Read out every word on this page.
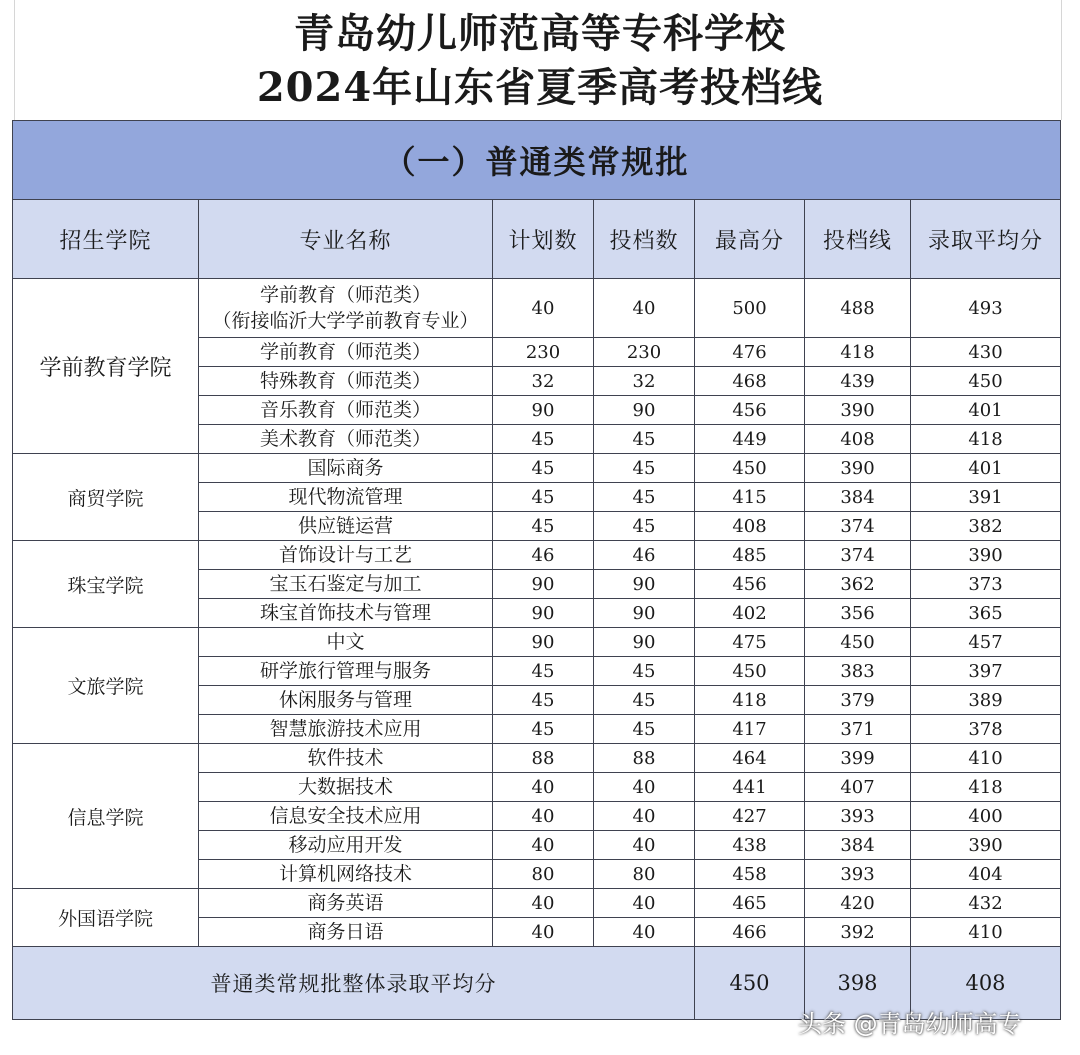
青岛幼儿师范高等专科学校
2024年山东省夏季高考投档线
（一）普通类常规批						
招生学院	专业名称	计划数	投档数	最高分	投档线	录取平均分
学前教育学院	学前教育（师范类）
（衔接临沂大学学前教育专业）	40	40	500	488	493

	学前教育（师范类）	230	230	476	418	430

	特殊教育（师范类）	32	32	468	439	450

	音乐教育（师范类）	90	90	456	390	401

	美术教育（师范类）	45	45	449	408	418
商贸学院	国际商务	45	45	450	390	401

	现代物流管理	45	45	415	384	391

	供应链运营	45	45	408	374	382
珠宝学院	首饰设计与工艺	46	46	485	374	390

	宝玉石鉴定与加工	90	90	456	362	373

	珠宝首饰技术与管理	90	90	402	356	365
文旅学院	中文	90	90	475	450	457

	研学旅行管理与服务	45	45	450	383	397

	休闲服务与管理	45	45	418	379	389

	智慧旅游技术应用	45	45	417	371	378
信息学院	软件技术	88	88	464	399	410

	大数据技术	40	40	441	407	418

	信息安全技术应用	40	40	427	393	400

	移动应用开发	40	40	438	384	390

	计算机网络技术	80	80	458	393	404
外国语学院	商务英语	40	40	465	420	432

	商务日语	40	40	466	392	410
普通类常规批整体录取平均分				450	398	408
头条 @青岛幼师高专
